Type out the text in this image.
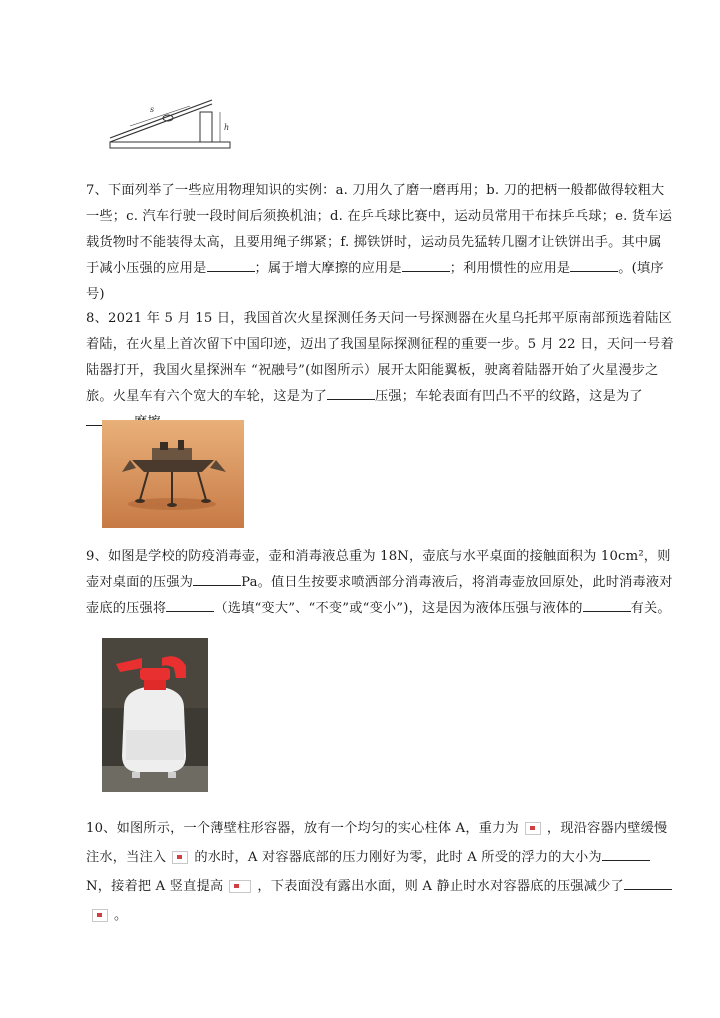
s
h
7、下面列举了一些应用物理知识的实例：a. 刀用久了磨一磨再用；b. 刀的把柄一般都做得较粗大一些；c. 汽车行驶一段时间后须换机油；d. 在乒乓球比赛中，运动员常用干布抹乒乓球；e. 货车运载货物时不能装得太高，且要用绳子绑紧；f. 掷铁饼时，运动员先猛转几圈才让铁饼出手。其中属于减小压强的应用是	；属于增大摩擦的应用是	；利用惯性的应用是	。(填序号)
8、2021 年 5 月 15 日，我国首次火星探测任务天问一号探测器在火星乌托邦平原南部预选着陆区着陆，在火星上首次留下中国印迹，迈出了我国星际探测征程的重要一步。5 月 22 日，天问一号着陆器打开，我国火星探洲车 “祝融号”(如图所示）展开太阳能翼板，驶离着陆器开始了火星漫步之旅。火星车有六个宽大的车轮，这是为了	压强；车轮表面有凹凸不平的纹路，这是为了
9、如图是学校的防疫消毒壶，壶和消毒液总重为 18N，壶底与水平桌面的接触面积为 10cm²，则壶对桌面的压强为	Pa。值日生按要求喷洒部分消毒液后，将消毒壶放回原处，此时消毒液对壶底的压强将	（选填“变大”、“不变”或“变小”)，这是因为液体压强与液体的	有关。
10、如图所示，一个薄壁柱形容器，放有一个均匀的实心柱体 A，重力为 ，现沿容器内壁缓慢注水，当注入 的水时，A 对容器底部的压力刚好为零，此时 A 所受的浮力的大小为N，接着把 A 竖直提高	，下表面没有露出水面，则 A 静止时水对容器底的压强减少了。
